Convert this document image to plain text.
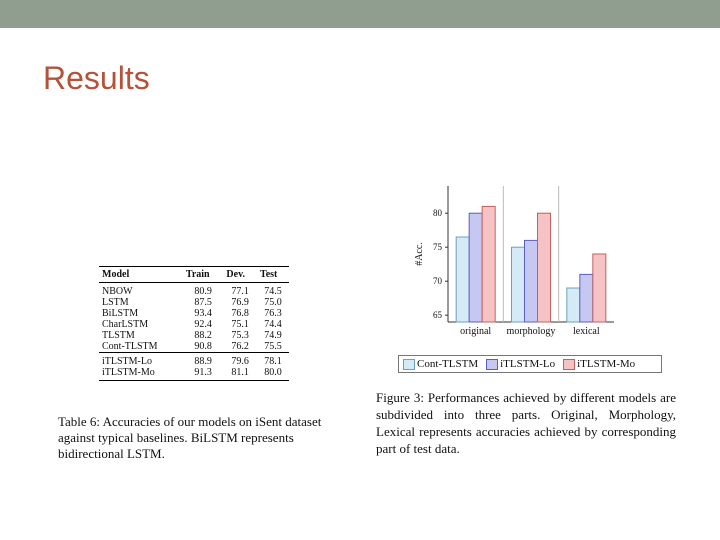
Results
Model	Train	Dev.	Test
NBOW	80.9	77.1	74.5
LSTM	87.5	76.9	75.0
BiLSTM	93.4	76.8	76.3
CharLSTM	92.4	75.1	74.4
TLSTM	88.2	75.3	74.9
Cont-TLSTM	90.8	76.2	75.5
iTLSTM-Lo	88.9	79.6	78.1
iTLSTM-Mo	91.3	81.1	80.0
Table 6: Accuracies of our models on iSent dataset against typical baselines. BiLSTM represents bidirectional LSTM.
65
70
75
80
#Acc.
original morphology lexical
Cont-TLSTM iTLSTM-Lo iTLSTM-Mo
Figure 3: Performances achieved by different models are subdivided into three parts. Original, Morphology, Lexical represents accuracies achieved by corresponding part of test data.
